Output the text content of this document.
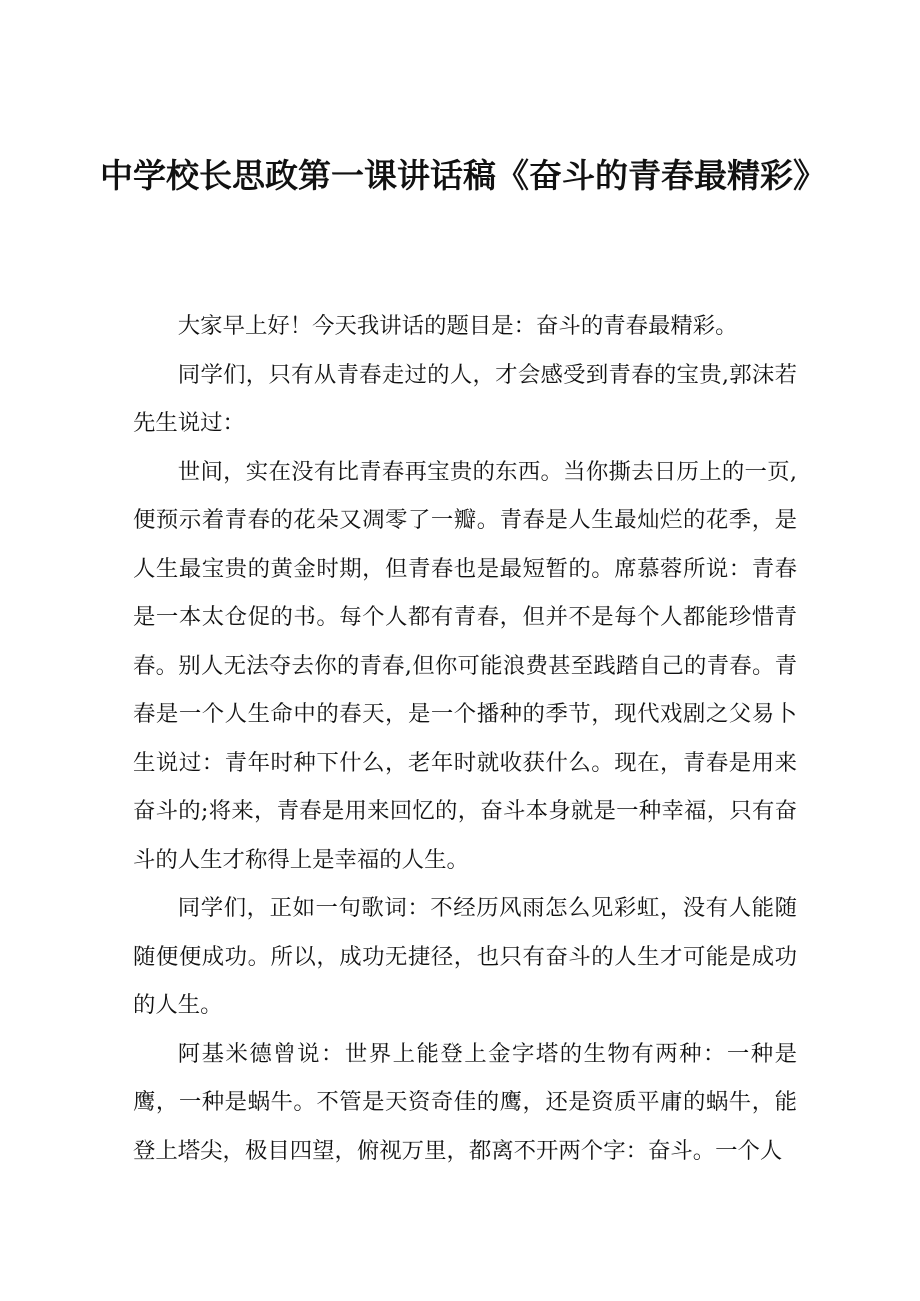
中学校长思政第一课讲话稿《奋斗的青春最精彩》

大家早上好！今天我讲话的题目是：奋斗的青春最精彩。

同学们，只有从青春走过的人，才会感受到青春的宝贵,郭沫若先生说过：

世间，实在没有比青春再宝贵的东西。当你撕去日历上的一页,便预示着青春的花朵又凋零了一瓣。青春是人生最灿烂的花季，是人生最宝贵的黄金时期，但青春也是最短暂的。席慕蓉所说：青春是一本太仓促的书。每个人都有青春，但并不是每个人都能珍惜青春。别人无法夺去你的青春,但你可能浪费甚至践踏自己的青春。青春是一个人生命中的春天，是一个播种的季节，现代戏剧之父易卜生说过：青年时种下什么，老年时就收获什么。现在，青春是用来奋斗的;将来，青春是用来回忆的，奋斗本身就是一种幸福，只有奋斗的人生才称得上是幸福的人生。

同学们，正如一句歌词：不经历风雨怎么见彩虹，没有人能随随便便成功。所以，成功无捷径，也只有奋斗的人生才可能是成功的人生。

阿基米德曾说：世界上能登上金字塔的生物有两种：一种是鹰，一种是蜗牛。不管是天资奇佳的鹰，还是资质平庸的蜗牛，能登上塔尖，极目四望，俯视万里，都离不开两个字：奋斗。一个人
